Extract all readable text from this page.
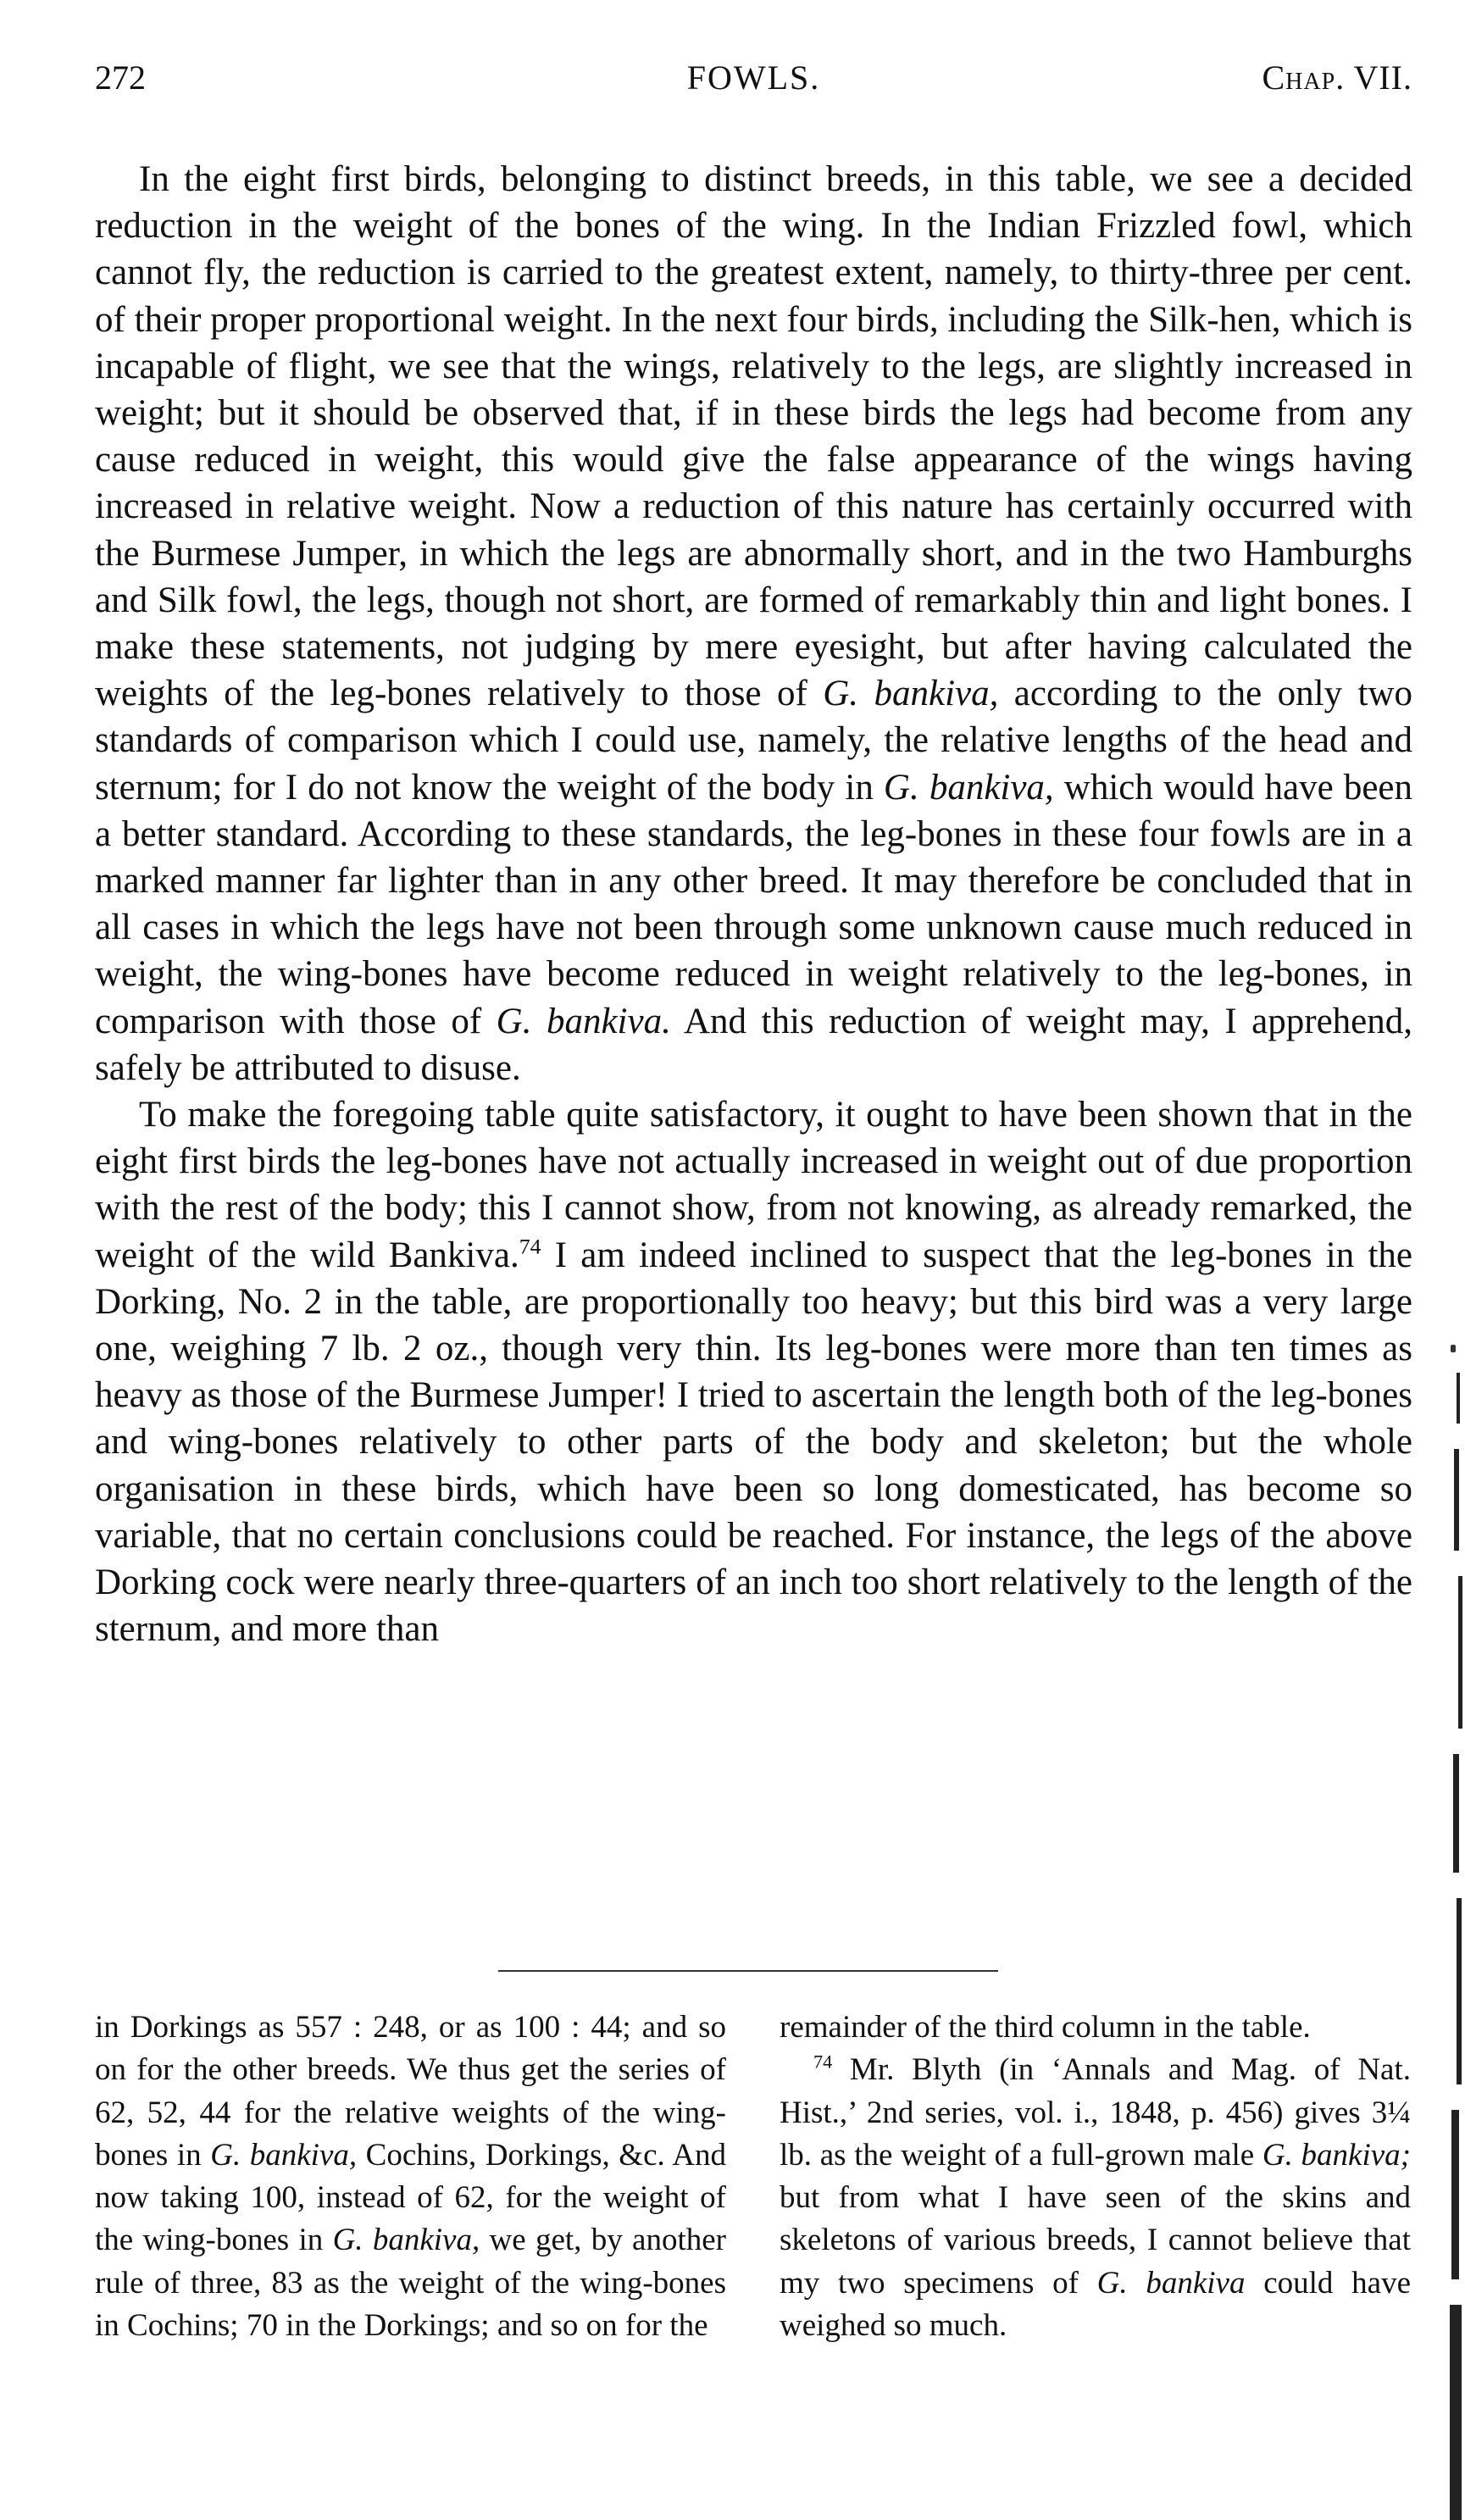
272	FOWLS.	Chap. VII.

In the eight first birds, belonging to distinct breeds, in this table, we see a decided reduction in the weight of the bones of the wing. In the Indian Frizzled fowl, which cannot fly, the reduction is carried to the greatest extent, namely, to thirty-three per cent. of their proper proportional weight. In the next four birds, including the Silk-hen, which is incapable of flight, we see that the wings, relatively to the legs, are slightly increased in weight; but it should be observed that, if in these birds the legs had become from any cause reduced in weight, this would give the false appearance of the wings having increased in relative weight. Now a reduction of this nature has certainly occurred with the Burmese Jumper, in which the legs are abnormally short, and in the two Hamburghs and Silk fowl, the legs, though not short, are formed of remarkably thin and light bones. I make these statements, not judging by mere eyesight, but after having calculated the weights of the leg-bones relatively to those of G. bankiva, according to the only two standards of comparison which I could use, namely, the relative lengths of the head and sternum; for I do not know the weight of the body in G. bankiva, which would have been a better standard. According to these standards, the leg-bones in these four fowls are in a marked manner far lighter than in any other breed. It may therefore be concluded that in all cases in which the legs have not been through some unknown cause much reduced in weight, the wing-bones have become reduced in weight relatively to the leg-bones, in comparison with those of G. bankiva. And this reduction of weight may, I apprehend, safely be attributed to disuse.

To make the foregoing table quite satisfactory, it ought to have been shown that in the eight first birds the leg-bones have not actually increased in weight out of due proportion with the rest of the body; this I cannot show, from not knowing, as already remarked, the weight of the wild Bankiva.$^{74}$ I am indeed inclined to suspect that the leg-bones in the Dorking, No. 2 in the table, are proportionally too heavy; but this bird was a very large one, weighing 7 lb. 2 oz., though very thin. Its leg-bones were more than ten times as heavy as those of the Burmese Jumper! I tried to ascertain the length both of the leg-bones and wing-bones relatively to other parts of the body and skeleton; but the whole organisation in these birds, which have been so long domesticated, has become so variable, that no certain conclusions could be reached. For instance, the legs of the above Dorking cock were nearly three-quarters of an inch too short relatively to the length of the sternum, and more than

in Dorkings as 557 : 248, or as 100 : 44; and so on for the other breeds. We thus get the series of 62, 52, 44 for the relative weights of the wing-bones in G. bankiva, Cochins, Dorkings, &c. And now taking 100, instead of 62, for the weight of the wing-bones in G. bankiva, we get, by another rule of three, 83 as the weight of the wing-bones in Cochins; 70 in the Dorkings; and so on for the

remainder of the third column in the table.

$^{74}$ Mr. Blyth (in ‘Annals and Mag. of Nat. Hist.,’ 2nd series, vol. i., 1848, p. 456) gives 3¼ lb. as the weight of a full-grown male G. bankiva; but from what I have seen of the skins and skeletons of various breeds, I cannot believe that my two specimens of G. bankiva could have weighed so much.
